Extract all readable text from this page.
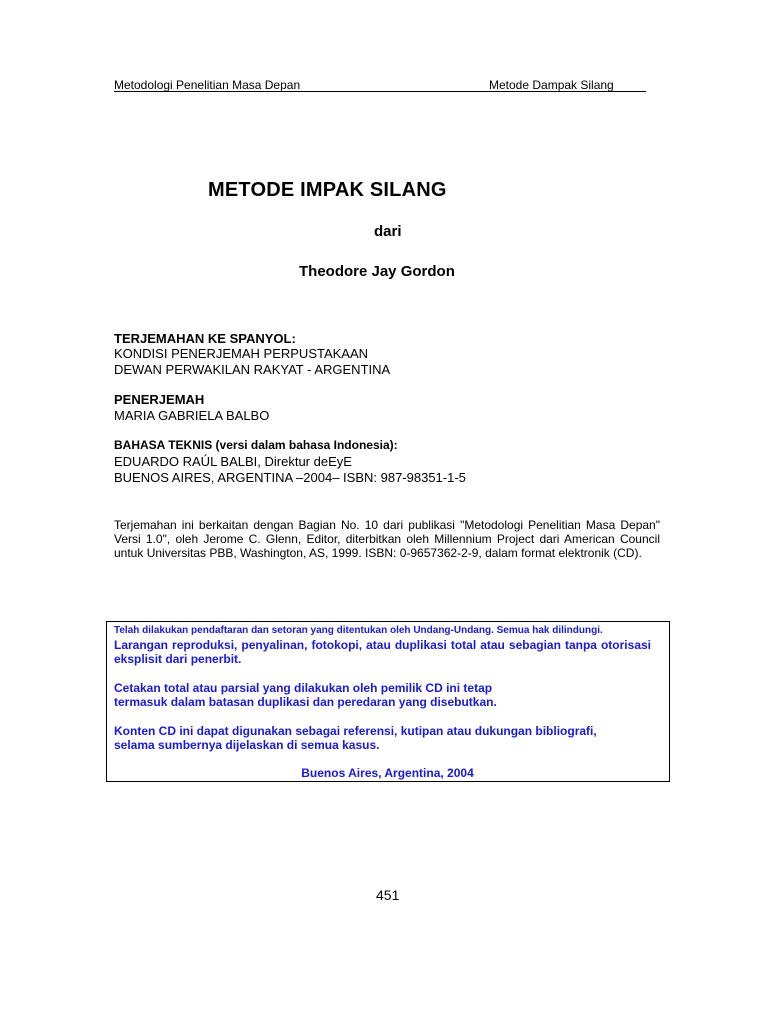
Metodologi Penelitian Masa Depan	Metode Dampak Silang
METODE IMPAK SILANG
dari
Theodore Jay Gordon
TERJEMAHAN KE SPANYOL:
KONDISI PENERJEMAH PERPUSTAKAAN
DEWAN PERWAKILAN RAKYAT - ARGENTINA
PENERJEMAH
MARIA GABRIELA BALBO
BAHASA TEKNIS (versi dalam bahasa Indonesia):
EDUARDO RAÚL BALBI, Direktur deEyE
BUENOS AIRES, ARGENTINA –2004– ISBN: 987-98351-1-5
Terjemahan ini berkaitan dengan Bagian No. 10 dari publikasi "Metodologi Penelitian Masa Depan" Versi 1.0", oleh Jerome C. Glenn, Editor, diterbitkan oleh Millennium Project dari American Council untuk Universitas PBB, Washington, AS, 1999. ISBN: 0-9657362-2-9, dalam format elektronik (CD).
Telah dilakukan pendaftaran dan setoran yang ditentukan oleh Undang-Undang. Semua hak dilindungi.
Larangan reproduksi, penyalinan, fotokopi, atau duplikasi total atau sebagian tanpa otorisasi eksplisit dari penerbit.
Cetakan total atau parsial yang dilakukan oleh pemilik CD ini tetap
termasuk dalam batasan duplikasi dan peredaran yang disebutkan.
Konten CD ini dapat digunakan sebagai referensi, kutipan atau dukungan bibliografi,
selama sumbernya dijelaskan di semua kasus.
Buenos Aires, Argentina, 2004
451
